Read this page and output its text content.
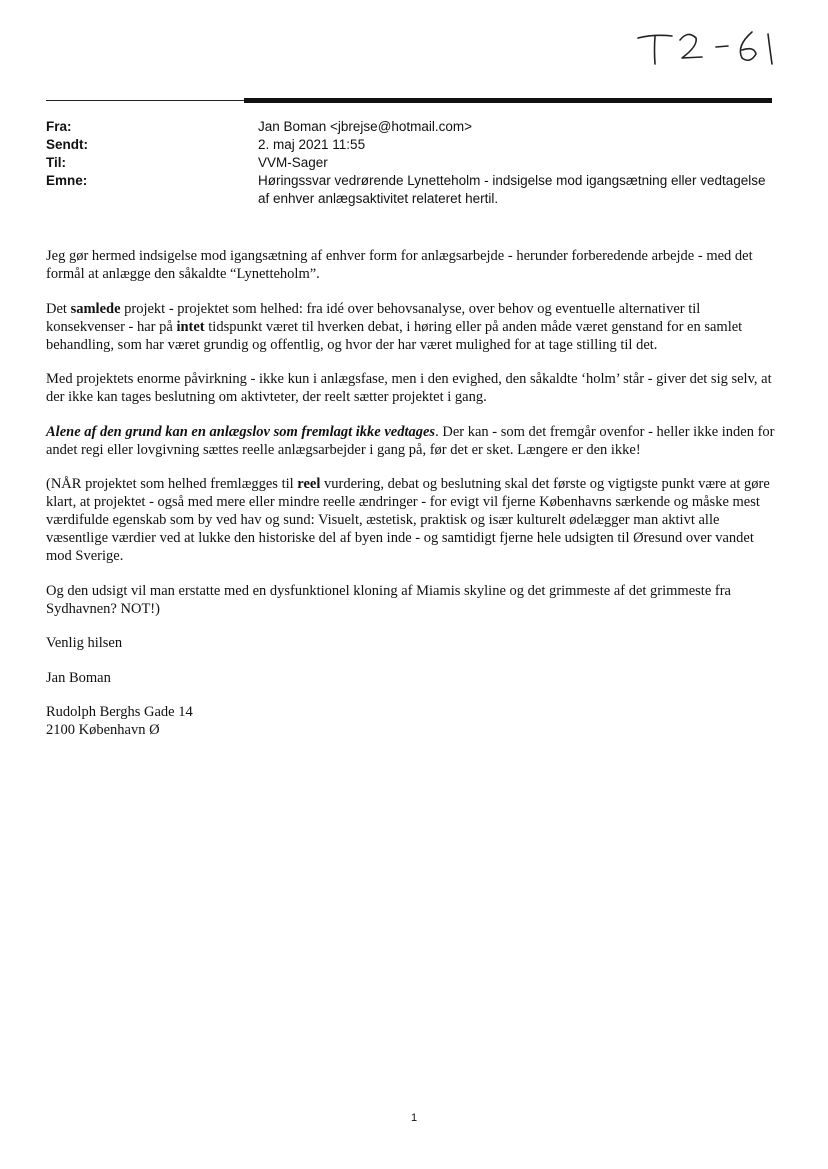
Fra:	Jan Boman <jbrejse@hotmail.com>
Sendt:	2. maj 2021 11:55
Til:	VVM-Sager
Emne:	Høringssvar vedrørende Lynetteholm - indsigelse mod igangsætning eller vedtagelse af enhver anlægsaktivitet relateret hertil.

Jeg gør hermed indsigelse mod igangsætning af enhver form for anlægsarbejde - herunder forberedende arbejde - med det formål at anlægge den såkaldte “Lynetteholm”.

Det samlede projekt - projektet som helhed: fra idé over behovsanalyse, over behov og eventuelle alternativer til konsekvenser - har på intet tidspunkt været til hverken debat, i høring eller på anden måde været genstand for en samlet behandling, som har været grundig og offentlig, og hvor der har været mulighed for at tage stilling til det.

Med projektets enorme påvirkning - ikke kun i anlægsfase, men i den evighed, den såkaldte ‘holm’ står - giver det sig selv, at der ikke kan tages beslutning om aktivteter, der reelt sætter projektet i gang.

Alene af den grund kan en anlægslov som fremlagt ikke vedtages. Der kan - som det fremgår ovenfor - heller ikke inden for andet regi eller lovgivning sættes reelle anlægsarbejder i gang på, før det er sket. Længere er den ikke!

(NÅR projektet som helhed fremlægges til reel vurdering, debat og beslutning skal det første og vigtigste punkt være at gøre klart, at projektet - også med mere eller mindre reelle ændringer - for evigt vil fjerne Københavns særkende og måske mest værdifulde egenskab som by ved hav og sund: Visuelt, æstetisk, praktisk og især kulturelt ødelægger man aktivt alle væsentlige værdier ved at lukke den historiske del af byen inde - og samtidigt fjerne hele udsigten til Øresund over vandet mod Sverige.

Og den udsigt vil man erstatte med en dysfunktionel kloning af Miamis skyline og det grimmeste af det grimmeste fra Sydhavnen? NOT!)

Venlig hilsen

Jan Boman

Rudolph Berghs Gade 14

2100 København Ø

1
